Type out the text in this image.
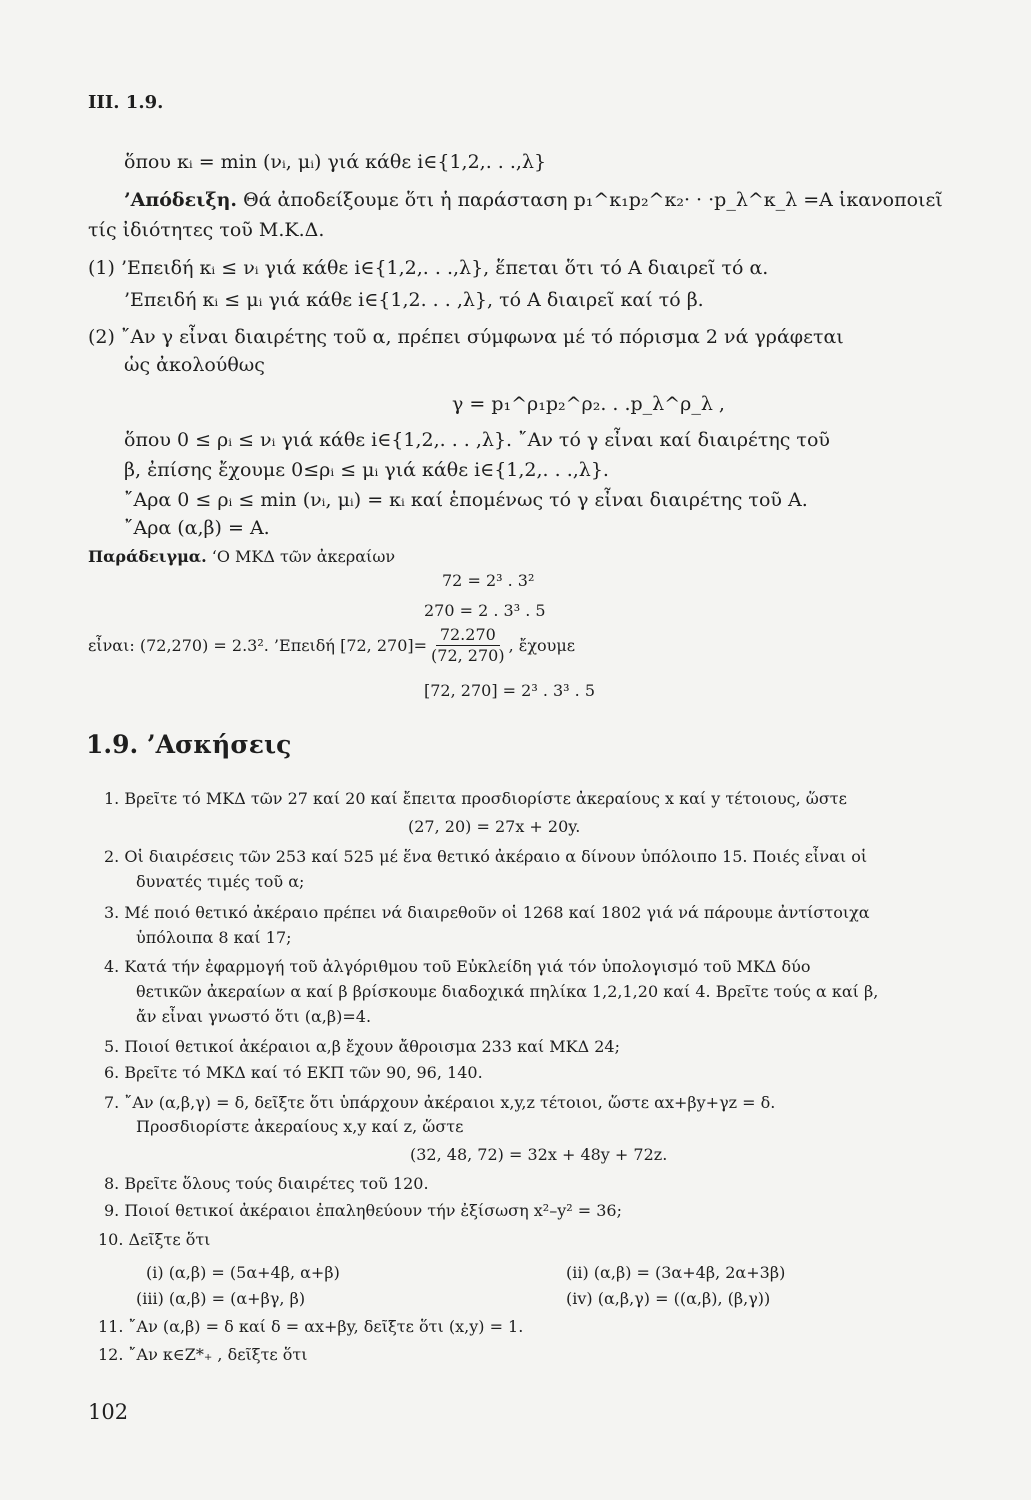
III. 1.9.
ὅπου κᵢ = min (νᵢ, μᵢ) γιά κάθε i∈{1,2,. . .,λ}
’Απόδειξη. Θά ἀποδείξουμε ὅτι ἡ παράσταση p₁^κ₁p₂^κ₂· · ·p_λ^κ_λ =A ἱκανοποιεῖ
τίς ἰδιότητες τοῦ M.K.Δ.
(1) ’Επειδή κᵢ ≤ νᵢ γιά κάθε i∈{1,2,. . .,λ}, ἕπεται ὅτι τό A διαιρεῖ τό α.
’Επειδή κᵢ ≤ μᵢ γιά κάθε i∈{1,2. . . ,λ}, τό A διαιρεῖ καί τό β.
(2) ῎Αν γ εἶναι διαιρέτης τοῦ α, πρέπει σύμφωνα μέ τό πόρισμα 2 νά γράφεται
ὡς ἀκολούθως
γ = p₁^ρ₁p₂^ρ₂. . .p_λ^ρ_λ ,
ὅπου 0 ≤ ρᵢ ≤ νᵢ γιά κάθε i∈{1,2,. . . ,λ}. ῎Αν τό γ εἶναι καί διαιρέτης τοῦ
β, ἐπίσης ἔχουμε 0≤ρᵢ ≤ μᵢ γιά κάθε i∈{1,2,. . .,λ}.
῎Αρα 0 ≤ ρᵢ ≤ min (νᵢ, μᵢ) = κᵢ καί ἑπομένως τό γ εἶναι διαιρέτης τοῦ A.
῎Αρα (α,β) = A.
Παράδειγμα. ‘O MKΔ τῶν ἀκεραίων
72 = 2³ . 3²
270 = 2 . 3³ . 5
εἶναι: (72,270) = 2.3². ’Επειδή [72, $270]= \frac{72.270}{(72, 270)}$ , ἔχουμε
[72, 270] = 2³ . 3³ . 5
1.9. ’Ασκήσεις
1. Βρεῖτε τό MKΔ τῶν 27 καί 20 καί ἔπειτα προσδιορίστε ἀκεραίους x καί y τέτοιους, ὥστε
(27, 20) = 27x + 20y.
2. Οἱ διαιρέσεις τῶν 253 καί 525 μέ ἕνα θετικό ἀκέραιο α δίνουν ὑπόλοιπο 15. Ποιές εἶναι οἱ
δυνατές τιμές τοῦ α;
3. Μέ ποιό θετικό ἀκέραιο πρέπει νά διαιρεθοῦν οἱ 1268 καί 1802 γιά νά πάρουμε ἀντίστοιχα
ὑπόλοιπα 8 καί 17;
4. Κατά τήν ἐφαρμογή τοῦ ἀλγόριθμου τοῦ Εὐκλείδη γιά τόν ὑπολογισμό τοῦ MKΔ δύο
θετικῶν ἀκεραίων α καί β βρίσκουμε διαδοχικά πηλίκα 1,2,1,20 καί 4. Βρεῖτε τούς α καί β,
ἄν εἶναι γνωστό ὅτι (α,β)=4.
5. Ποιοί θετικοί ἀκέραιοι α,β ἔχουν ἄθροισμα 233 καί MKΔ 24;
6. Βρεῖτε τό MKΔ καί τό EKΠ τῶν 90, 96, 140.
7. ῎Αν (α,β,γ) = δ, δεῖξτε ὅτι ὑπάρχουν ἀκέραιοι x,y,z τέτοιοι, ὥστε αx+βy+γz = δ.
Προσδιορίστε ἀκεραίους x,y καί z, ὥστε
(32, 48, 72) = 32x + 48y + 72z.
8. Βρεῖτε ὅλους τούς διαιρέτες τοῦ 120.
9. Ποιοί θετικοί ἀκέραιοι ἐπαληθεύουν τήν ἐξίσωση x²–y² = 36;
10. Δεῖξτε ὅτι
(i) (α,β) = (5α+4β, α+β)	(ii) (α,β) = (3α+4β, 2α+3β)
(iii) (α,β) = (α+βγ, β)	(iv) (α,β,γ) = ((α,β), (β,γ))
11. ῎Αν (α,β) = δ καί δ = αx+βy, δεῖξτε ὅτι (x,y) = 1.
12. ῎Αν κ∈Z*₊ , δεῖξτε ὅτι
102
